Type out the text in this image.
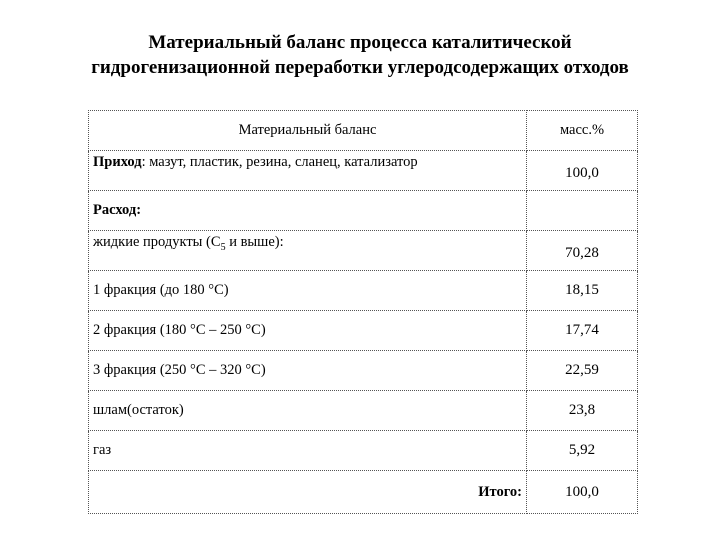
Материальный баланс процесса каталитической
гидрогенизационной переработки углеродсодержащих отходов
Материальный баланс	масс.%
Приход: мазут, пластик, резина, сланец, катализатор	100,0
Расход:	
жидкие продукты ($С_5$ и выше):	70,28
1 фракция (до 180 °С)	18,15
2 фракция (180 °С – 250 °С)	17,74
3 фракция (250 °С – 320 °С)	22,59
шлам(остаток)	23,8
газ	5,92
Итого:	100,0
